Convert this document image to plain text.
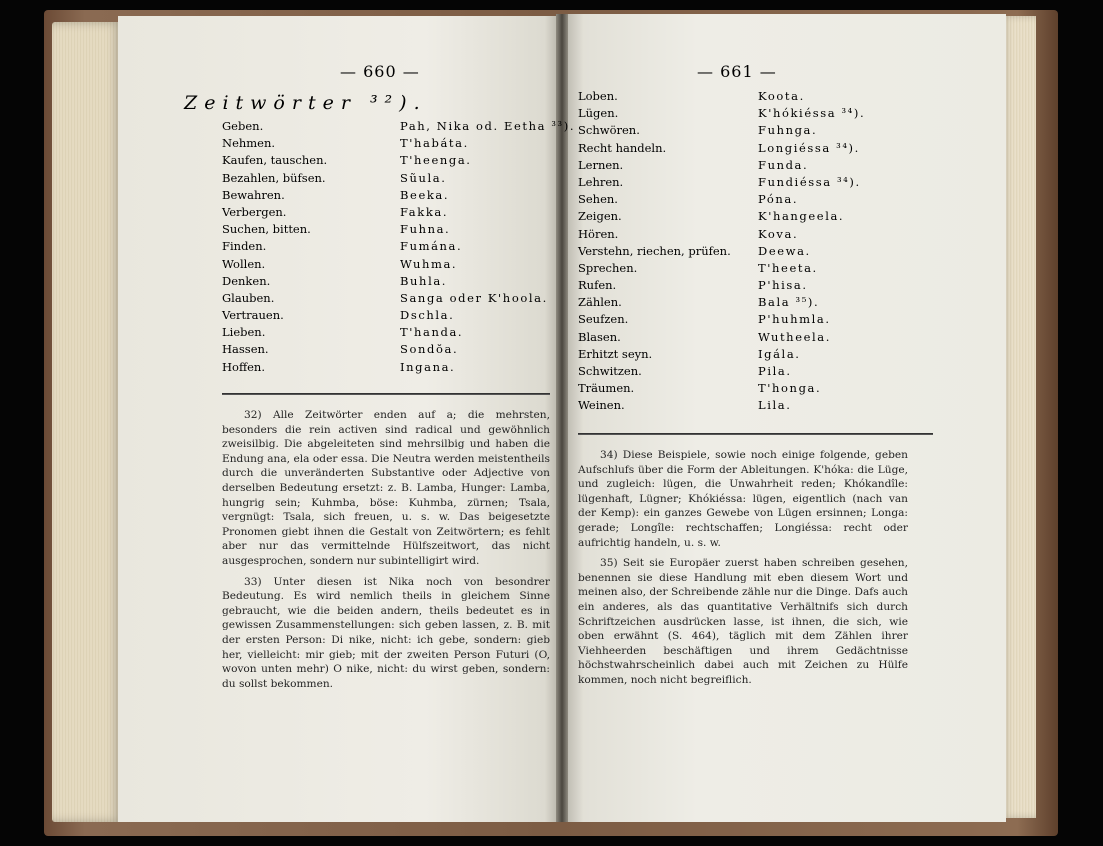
— 660 —
Zeitwörter ³²).
Geben.	Pah, Nika od. Eetha ³³).
Nehmen.	T'habáta.
Kaufen, tauschen.	T'heenga.
Bezahlen, büfsen.	Sũula.
Bewahren.	Beeka.
Verbergen.	Fakka.
Suchen, bitten.	Fuhna.
Finden.	Fumána.
Wollen.	Wuhma.
Denken.	Buhla.
Glauben.	Sanga oder K'hoola.
Vertrauen.	Dschla.
Lieben.	T'handa.
Hassen.	Sondŏa.
Hoffen.	Ingana.

32) Alle Zeitwörter enden auf a; die mehrsten, besonders die rein activen sind radical und gewöhnlich zweisilbig. Die abgeleiteten sind mehrsilbig und haben die Endung ana, ela oder essa. Die Neutra werden meistentheils durch die unveränderten Substantive oder Adjective von derselben Bedeutung ersetzt: z. B. Lamba, Hunger: Lamba, hungrig sein; Kuhmba, böse: Kuhmba, zürnen; Tsala, vergnügt: Tsala, sich freuen, u. s. w. Das beigesetzte Pronomen giebt ihnen die Gestalt von Zeitwörtern; es fehlt aber nur das vermittelnde Hülfszeitwort, das nicht ausgesprochen, sondern nur subintelligirt wird.

33) Unter diesen ist Nika noch von besondrer Bedeutung. Es wird nemlich theils in gleichem Sinne gebraucht, wie die beiden andern, theils bedeutet es in gewissen Zusammenstellungen: sich geben lassen, z. B. mit der ersten Person: Di nike, nicht: ich gebe, sondern: gieb her, vielleicht: mir gieb; mit der zweiten Person Futuri (O, wovon unten mehr) O nike, nicht: du wirst geben, sondern: du sollst bekommen.

— 661 —
Loben.	Koota.
Lügen.	K'hókiéssa ³⁴).
Schwören.	Fuhnga.
Recht handeln.	Longiéssa ³⁴).
Lernen.	Funda.
Lehren.	Fundiéssa ³⁴).
Sehen.	Póna.
Zeigen.	K'hangeela.
Hören.	Kova.
Verstehn, riechen, prüfen. Deewa.
Sprechen.	T'heeta.
Rufen.	P'hisa.
Zählen.	Bala ³⁵).
Seufzen.	P'huhmla.
Blasen.	Wutheela.
Erhitzt seyn.	Igála.
Schwitzen.	Pila.
Träumen.	T'honga.
Weinen.	Lila.

34) Diese Beispiele, sowie noch einige folgende, geben Aufschlufs über die Form der Ableitungen. K'hóka: die Lüge, und zugleich: lügen, die Unwahrheit reden; Khókandîle: lügenhaft, Lügner; Khókiéssa: lügen, eigentlich (nach van der Kemp): ein ganzes Gewebe von Lügen ersinnen; Longa: gerade; Longîle: rechtschaffen; Longiéssa: recht oder aufrichtig handeln, u. s. w.

35) Seit sie Europäer zuerst haben schreiben gesehen, benennen sie diese Handlung mit eben diesem Wort und meinen also, der Schreibende zähle nur die Dinge. Dafs auch ein anderes, als das quantitative Verhältnifs sich durch Schriftzeichen ausdrücken lasse, ist ihnen, die sich, wie oben erwähnt (S. 464), täglich mit dem Zählen ihrer Viehheerden beschäftigen und ihrem Gedächtnisse höchstwahrscheinlich dabei auch mit Zeichen zu Hülfe kommen, noch nicht begreiflich.
